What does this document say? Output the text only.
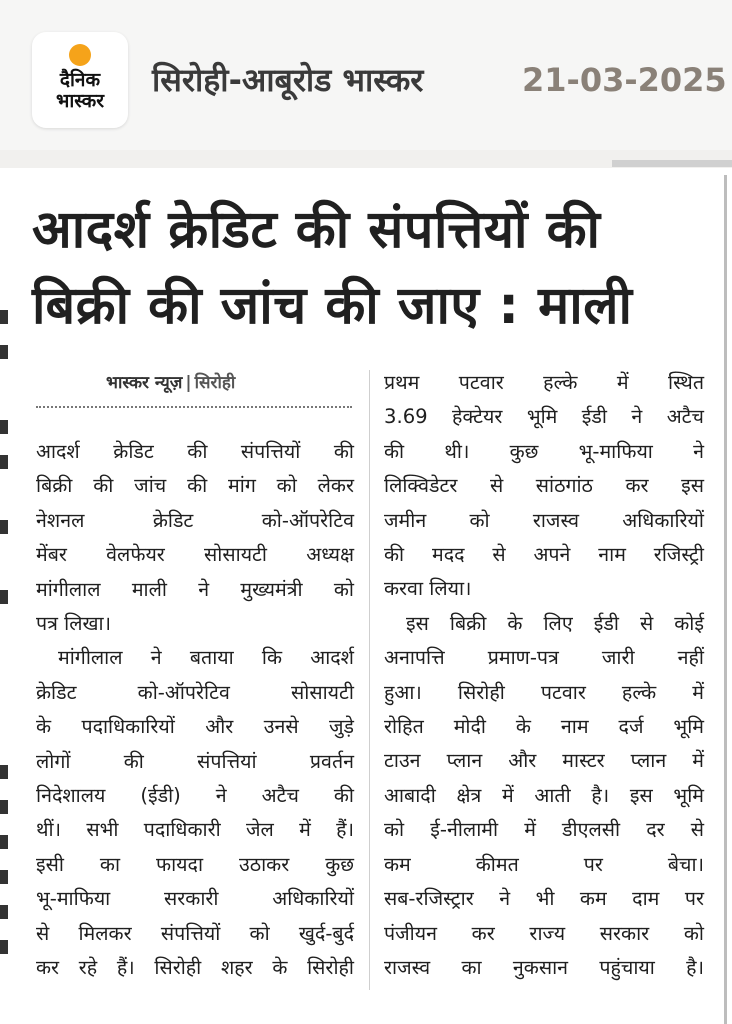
दैनिक
भास्कर
सिरोही-आबूरोड भास्कर	21-03-2025
आदर्श क्रेडिट की संपत्तियों की
बिक्री की जांच की जाए : माली
भास्कर न्यूज़ | सिरोही
आदर्श क्रेडिट की संपत्तियों की
बिक्री की जांच की मांग को लेकर
नेशनल क्रेडिट को-ऑपरेटिव
मेंबर वेलफेयर सोसायटी अध्यक्ष
मांगीलाल माली ने मुख्यमंत्री को
पत्र लिखा।
मांगीलाल ने बताया कि आदर्श
क्रेडिट को-ऑपरेटिव सोसायटी
के पदाधिकारियों और उनसे जुड़े
लोगों की संपत्तियां प्रवर्तन
निदेशालय (ईडी) ने अटैच की
थीं। सभी पदाधिकारी जेल में हैं।
इसी का फायदा उठाकर कुछ
भू-माफिया सरकारी अधिकारियों
से मिलकर संपत्तियों को खुर्द-बुर्द
कर रहे हैं। सिरोही शहर के सिरोही
प्रथम पटवार हल्के में स्थित
3.69 हेक्टेयर भूमि ईडी ने अटैच
की थी। कुछ भू-माफिया ने
लिक्विडेटर से सांठगांठ कर इस
जमीन को राजस्व अधिकारियों
की मदद से अपने नाम रजिस्ट्री
करवा लिया।
इस बिक्री के लिए ईडी से कोई
अनापत्ति प्रमाण-पत्र जारी नहीं
हुआ। सिरोही पटवार हल्के में
रोहित मोदी के नाम दर्ज भूमि
टाउन प्लान और मास्टर प्लान में
आबादी क्षेत्र में आती है। इस भूमि
को ई-नीलामी में डीएलसी दर से
कम कीमत पर बेचा।
सब-रजिस्ट्रार ने भी कम दाम पर
पंजीयन कर राज्य सरकार को
राजस्व का नुकसान पहुंचाया है।
